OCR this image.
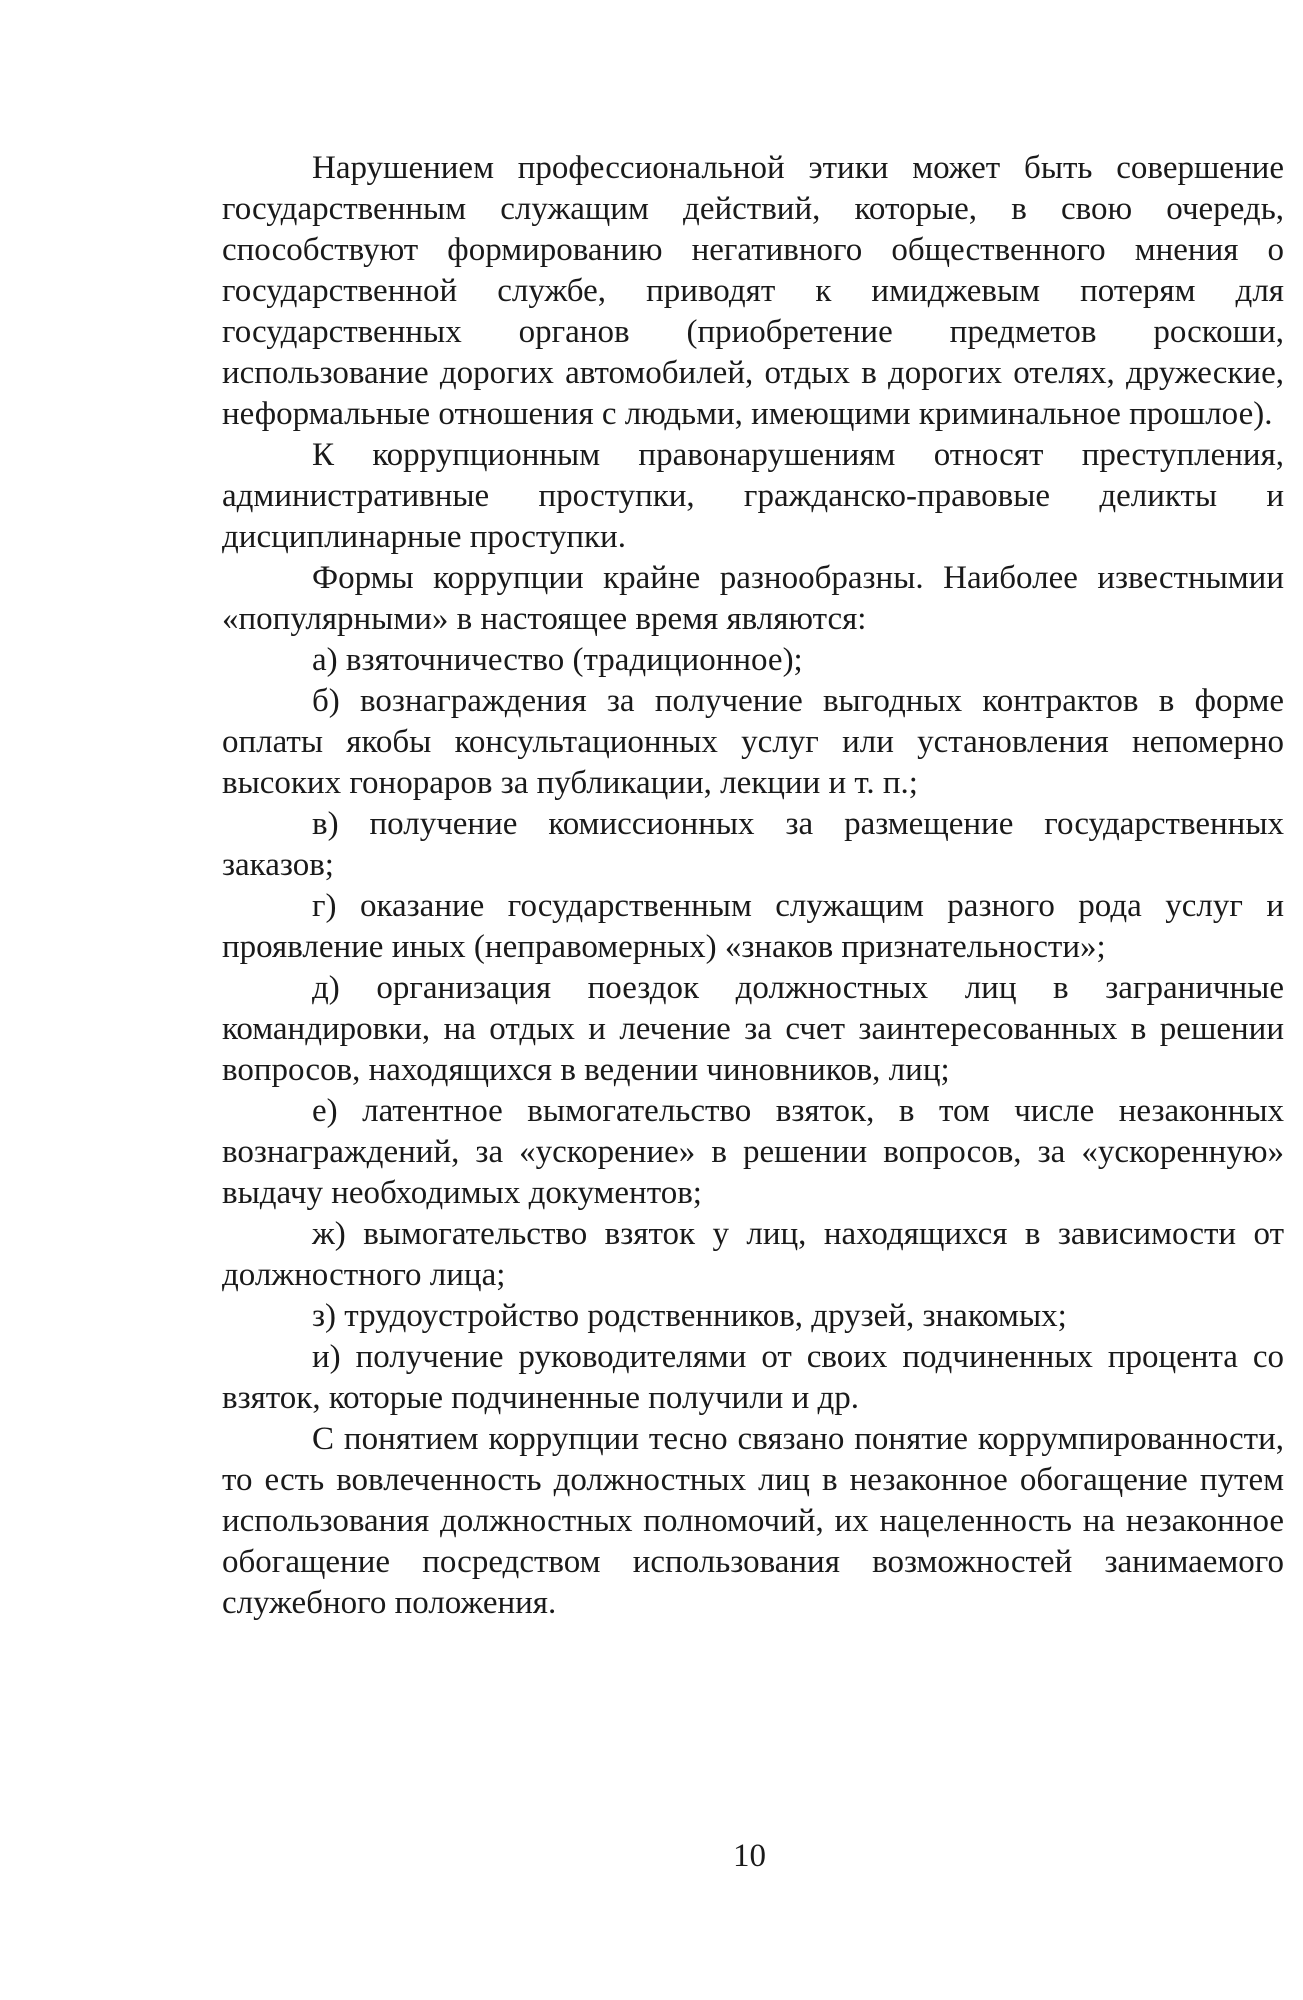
Нарушением профессиональной этики может быть совершение государственным служащим действий, которые, в свою очередь, способствуют формированию негативного общественного мнения о государственной службе, приводят к имиджевым потерям для государственных органов (приобретение предметов роскоши, использование дорогих автомобилей, отдых в дорогих отелях, дружеские, неформальные отношения с людьми, имеющими криминальное прошлое).

К коррупционным правонарушениям относят преступления, административные проступки, гражданско-правовые деликты и дисциплинарные проступки.

Формы коррупции крайне разнообразны. Наиболее известнымии «популярными» в настоящее время являются:

а) взяточничество (традиционное);

б) вознаграждения за получение выгодных контрактов в форме оплаты якобы консультационных услуг или установления непомерно высоких гонораров за публикации, лекции и т. п.;

в) получение комиссионных за размещение государственных заказов;

г) оказание государственным служащим разного рода услуг и проявление иных (неправомерных) «знаков признательности»;

д) организация поездок должностных лиц в заграничные командировки, на отдых и лечение за счет заинтересованных в решении вопросов, находящихся в ведении чиновников, лиц;

е) латентное вымогательство взяток, в том числе незаконных вознаграждений, за «ускорение» в решении вопросов, за «ускоренную» выдачу необходимых документов;

ж) вымогательство взяток у лиц, находящихся в зависимости от должностного лица;

з) трудоустройство родственников, друзей, знакомых;

и) получение руководителями от своих подчиненных процента со взяток, которые подчиненные получили и др.

С понятием коррупции тесно связано понятие коррумпированности, то есть вовлеченность должностных лиц в незаконное обогащение путем использования должностных полномочий, их нацеленность на незаконное обогащение посредством использования возможностей занимаемого служебного положения.

10
